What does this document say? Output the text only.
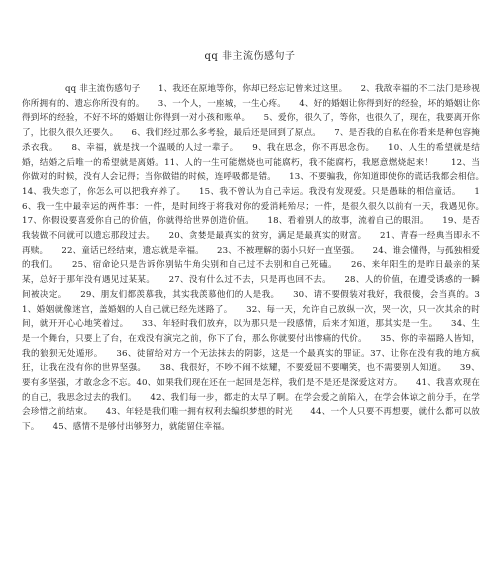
qq 非主流伤感句子

qq 非主流伤感句子　　1、我还在原地等你，你却已经忘记曾来过这里。　　2、我敌幸福的不二法门是珍视你所拥有的、遗忘你所没有的。　　3、一个人，一座城，一生心疼。　　4、好的婚姻让你得到好的经验，坏的婚姻让你得到坏的经验，不好不坏的婚姻让你得到一对小孩和账单。　　5、爱你，很久了，等你，也很久了，现在，我要离开你了，比很久很久还要久。　　6、我们经过那么多考验，最后还是回到了原点。　　7、是否我的自私在你看来是种包容掩杀衣我。　　8、幸福，就是找一个温暖的人过一辈子。　　9、我在思念，你不再思念伤。　　10、人生的希望就是结婚，结婚之后唯一的希望就是离婚。11、人的一生可能燃烧也可能腐朽，我不能腐朽，我愿意燃烧起来！　　12、当你做对的时候，没有人会记得；当你做错的时候，连呼吸都是错。　　13、不要骗我，你知道即使你的谎话我都会相信。　　14、我失恋了，你怎么可以把我弃养了。　　15、我不曾认为自己幸运。我没有发现爱。只是愚昧的相信童话。　　16、我一生中最幸运的两件事：一件，是时间终于将我对你的爱消耗殆尽；一件，是很久很久以前有一天，我遇见你。　　17、你假设要喜爱你自己的价值，你就得给世界创造价值。　　18、看着别人的故事，流着自己的眼泪。　　19、是否我装做不问就可以遗忘那段过去。　　20、贪婪是最真实的贫穷，满足是最真实的财富。　　21、青春一经典当即永不再赎。　　22、童话已经结束，遗忘就是幸福。　　23、不被理解的弱小只好一直坚强。　　24、谁会懂得，与孤独相爱的我们。　　25、宿命论只是告诉你别钻牛角尖别和自己过不去别和自己死磕。　　26、来年阳生的是昨日最亲的某某，总好于那年没有遇见过某某。　　27、没有什么过不去，只是再也回不去。　　28、人的价值，在遭受诱惑的一瞬间被决定。　　29、朋友们都羡慕我，其实我羡慕他们的人是我。　　30、请不要假装对我好，我很傻，会当真的。31、婚姻就像迷宫，盖婚姻的人自己就已经先迷路了。　　32、每一天，允许自己放纵一次，哭一次，只一次其余的时间，就开开心心地笑着过。　　33、年轻时我们放弃，以为那只是一段感情，后来才知道，那其实是一生。　　34、生是一个舞台，只要上了台，在戏没有演完之前，你下了台，那么你就要付出惨痛的代价。　　35、你的幸福路人皆知，我的狼狈无处遁形。　　36、徒留给对方一个无法抹去的阴影，这是一个最真实的罪证。37、让你在没有我的地方疯狂，让我在没有你的世界坚强。　　38、我很好，不吵不闹不炫耀，不要爱屈不要嘲笑，也不需要别人知道。　　39、要有多坚强，才敢念念不忘。40、如果我们现在还在一起回是怎样，我们是不是还是深爱这对方。　　41、我喜欢现在的自己，我思念过去的我们。　　42、我们每一步，都走的太早了啊。在学会爱之前陷入，在学会体谅之前分手，在学会珍惜之前结束。　　43、年轻是我们唯一拥有权利去编织梦想的时光　　44、一个人只要不再想要，就什么都可以放下。　　45、感情不是够付出够努力，就能留住幸福。
